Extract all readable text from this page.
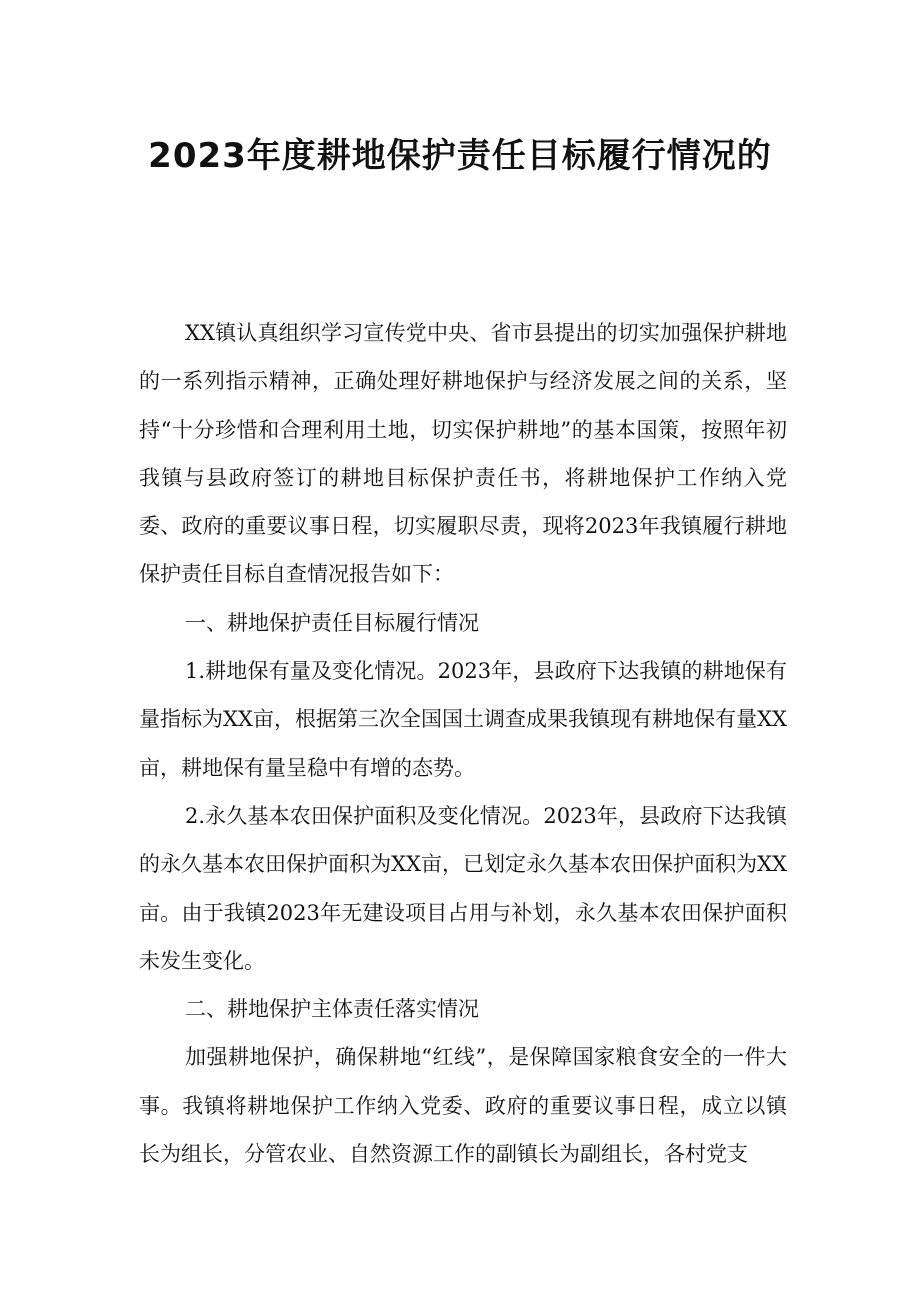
2023年度耕地保护责任目标履行情况的

XX镇认真组织学习宣传党中央、省市县提出的切实加强保护耕地的一系列指示精神，正确处理好耕地保护与经济发展之间的关系，坚持“十分珍惜和合理利用土地，切实保护耕地”的基本国策，按照年初我镇与县政府签订的耕地目标保护责任书，将耕地保护工作纳入党委、政府的重要议事日程，切实履职尽责，现将2023年我镇履行耕地保护责任目标自查情况报告如下：

一、耕地保护责任目标履行情况

1.耕地保有量及变化情况。2023年，县政府下达我镇的耕地保有量指标为XX亩，根据第三次全国国土调查成果我镇现有耕地保有量XX亩，耕地保有量呈稳中有增的态势。

2.永久基本农田保护面积及变化情况。2023年，县政府下达我镇的永久基本农田保护面积为XX亩，已划定永久基本农田保护面积为XX亩。由于我镇2023年无建设项目占用与补划，永久基本农田保护面积未发生变化。

二、耕地保护主体责任落实情况

加强耕地保护，确保耕地“红线”，是保障国家粮食安全的一件大事。我镇将耕地保护工作纳入党委、政府的重要议事日程，成立以镇长为组长，分管农业、自然资源工作的副镇长为副组长，各村党支
